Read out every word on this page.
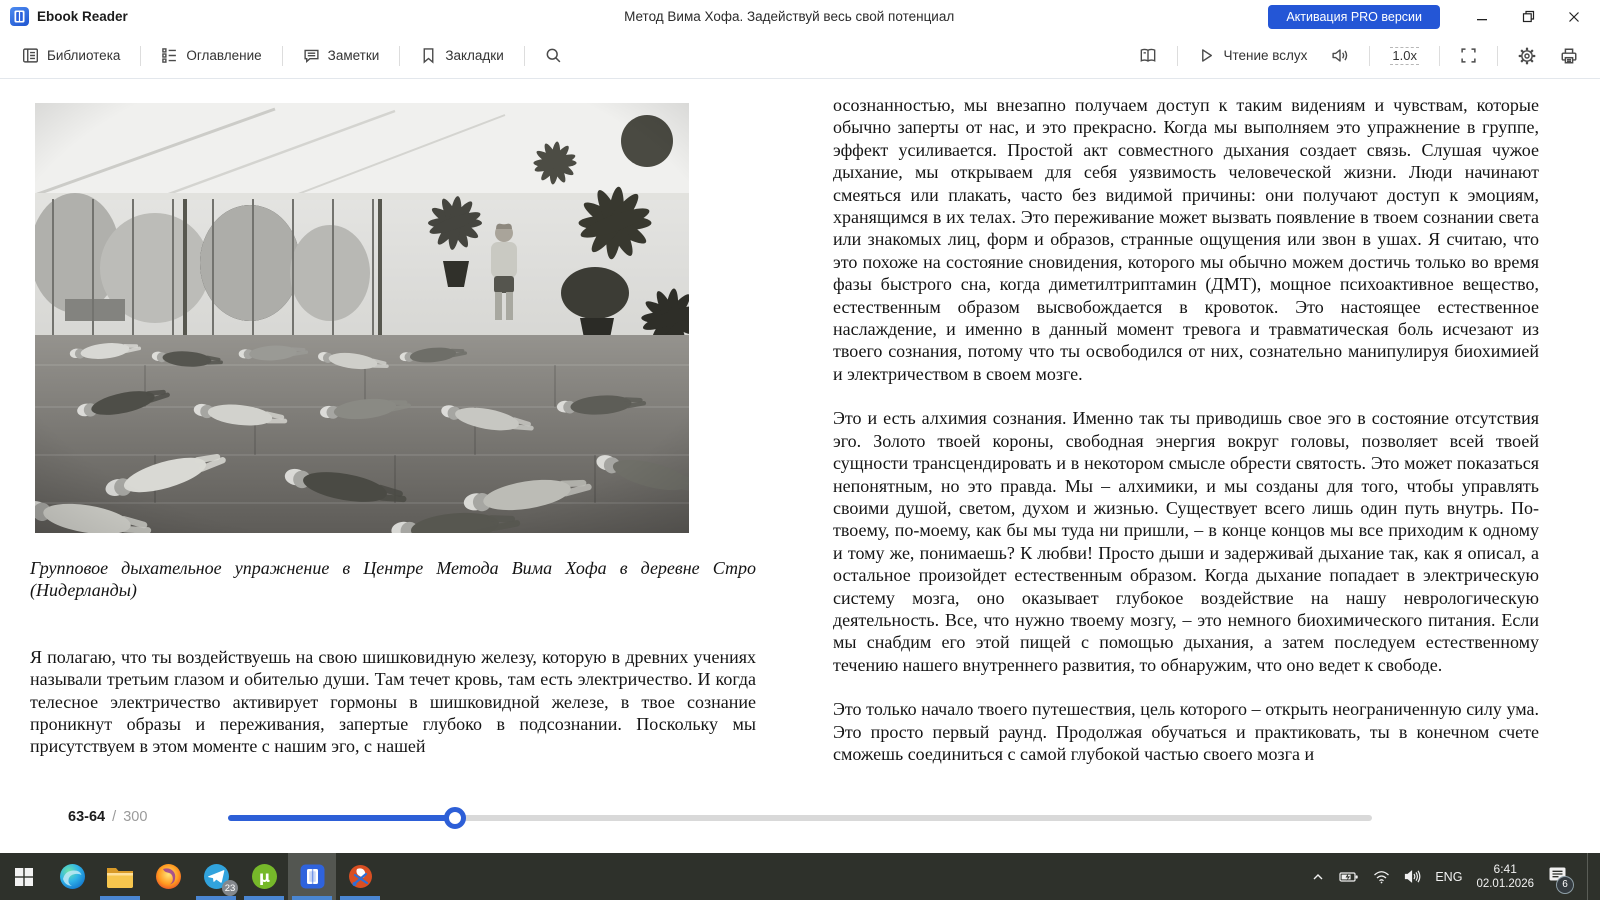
Ebook Reader	Метод Вима Хофа. Задействуй весь свой потенциал	Активация PRO версии
Библиотека	Оглавление	Заметки	Закладки	Чтение вслух	1.0x
Групповое дыхательное упражнение в Центре Метода Вима Хофа в деревне Стро (Нидерланды)

Я полагаю, что ты воздействуешь на свою шишковидную железу, которую в древних учениях называли третьим глазом и обителью души. Там течет кровь, там есть электричество. И когда телесное электричество активирует гормоны в шишковидной железе, в твое сознание проникнут образы и переживания, запертые глубоко в подсознании. Поскольку мы присутствуем в этом моменте с нашим эго, с нашей

осознанностью, мы внезапно получаем доступ к таким видениям и чувствам, которые обычно заперты от нас, и это прекрасно. Когда мы выполняем это упражнение в группе, эффект усиливается. Простой акт совместного дыхания создает связь. Слушая чужое дыхание, мы открываем для себя уязвимость человеческой жизни. Люди начинают смеяться или плакать, часто без видимой причины: они получают доступ к эмоциям, хранящимся в их телах. Это переживание может вызвать появление в твоем сознании света или знакомых лиц, форм и образов, странные ощущения или звон в ушах. Я считаю, что это похоже на состояние сновидения, которого мы обычно можем достичь только во время фазы быстрого сна, когда диметилтриптамин (ДМТ), мощное психоактивное вещество, естественным образом высвобождается в кровоток. Это настоящее естественное наслаждение, и именно в данный момент тревога и травматическая боль исчезают из твоего сознания, потому что ты освободился от них, сознательно манипулируя биохимией и электричеством в своем мозге.

Это и есть алхимия сознания. Именно так ты приводишь свое эго в состояние отсутствия эго. Золото твоей короны, свободная энергия вокруг головы, позволяет всей твоей сущности трансцендировать и в некотором смысле обрести святость. Это может показаться непонятным, но это правда. Мы – алхимики, и мы созданы для того, чтобы управлять своими душой, светом, духом и жизнью. Существует всего лишь один путь внутрь. По-твоему, по-моему, как бы мы туда ни пришли, – в конце концов мы все приходим к одному и тому же, понимаешь? К любви! Просто дыши и задерживай дыхание так, как я описал, а остальное произойдет естественным образом. Когда дыхание попадает в электрическую систему мозга, оно оказывает глубокое воздействие на нашу неврологическую деятельность. Все, что нужно твоему мозгу, – это немного биохимического питания. Если мы снабдим его этой пищей с помощью дыхания, а затем последуем естественному течению нашего внутреннего развития, то обнаружим, что оно ведет к свободе.

Это только начало твоего путешествия, цель которого – открыть неограниченную силу ума. Это просто первый раунд. Продолжая обучаться и практиковать, ты в конечном счете сможешь соединиться с самой глубокой частью своего мозга и

63-64 / 300
23
µ	ENG
6:41
02.01.2026	6
